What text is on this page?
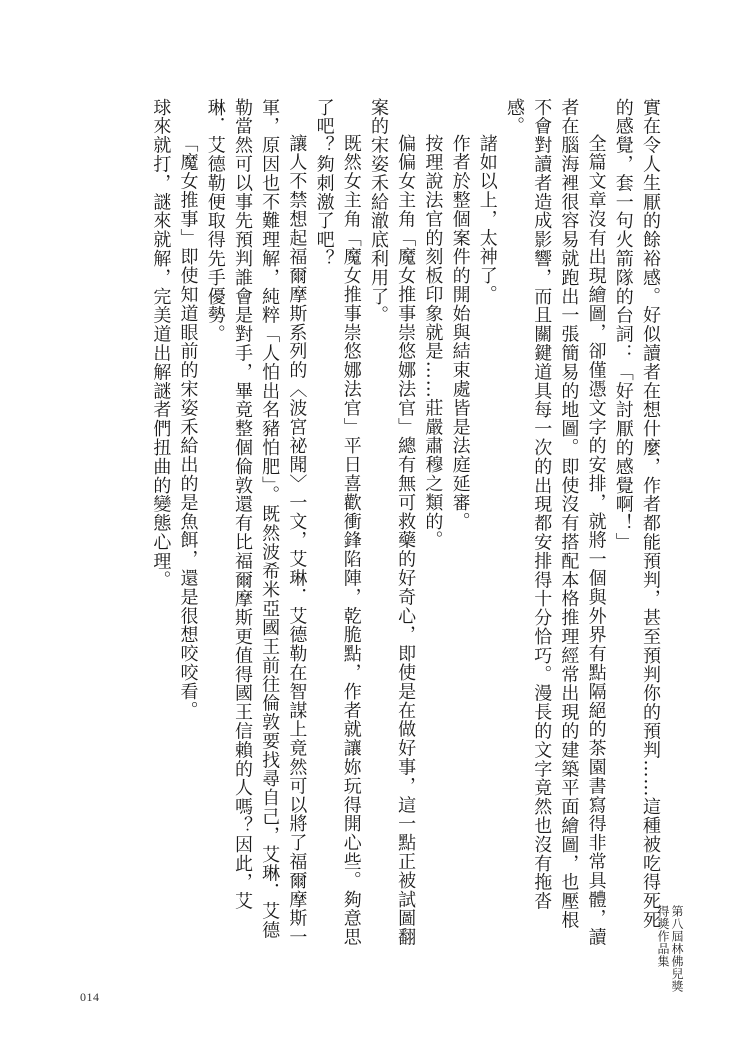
實在令人生厭的餘裕感。好似讀者在想什麼，作者都能預判，甚至預判你的預判……這種被吃得死死的感覺，套一句火箭隊的台詞：「好討厭的感覺啊！」

全篇文章沒有出現繪圖，卻僅憑文字的安排，就將一個與外界有點隔絕的茶園書寫得非常具體，讀者在腦海裡很容易就跑出一張簡易的地圖。即使沒有搭配本格推理經常出現的建築平面繪圖，也壓根不會對讀者造成影響，而且關鍵道具每一次的出現都安排得十分恰巧。漫長的文字竟然也沒有拖沓感。

諸如以上，太神了。

作者於整個案件的開始與結束處皆是法庭延審。

按理說法官的刻板印象就是……莊嚴肅穆之類的。

偏偏女主角「魔女推事崇悠娜法官」總有無可救藥的好奇心，即使是在做好事，這一點正被試圖翻案的宋姿禾給澈底利用了。

既然女主角「魔女推事崇悠娜法官」平日喜歡衝鋒陷陣，乾脆點，作者就讓妳玩得開心些。夠意思了吧？夠刺激了吧？

讓人不禁想起福爾摩斯系列的〈波宮祕聞〉一文，艾琳．艾德勒在智謀上竟然可以將了福爾摩斯一軍，原因也不難理解，純粹「人怕出名豬怕肥」。既然波希米亞國王前往倫敦要找尋自己，艾琳．艾德勒當然可以事先預判誰會是對手，畢竟整個倫敦還有比福爾摩斯更值得國王信賴的人嗎？因此，艾琳．艾德勒便取得先手優勢。

「魔女推事」即使知道眼前的宋姿禾給出的是魚餌，還是很想咬咬看。

球來就打，謎來就解，完美道出解謎者們扭曲的變態心理。

第八屆林佛兒獎得獎作品集
014
